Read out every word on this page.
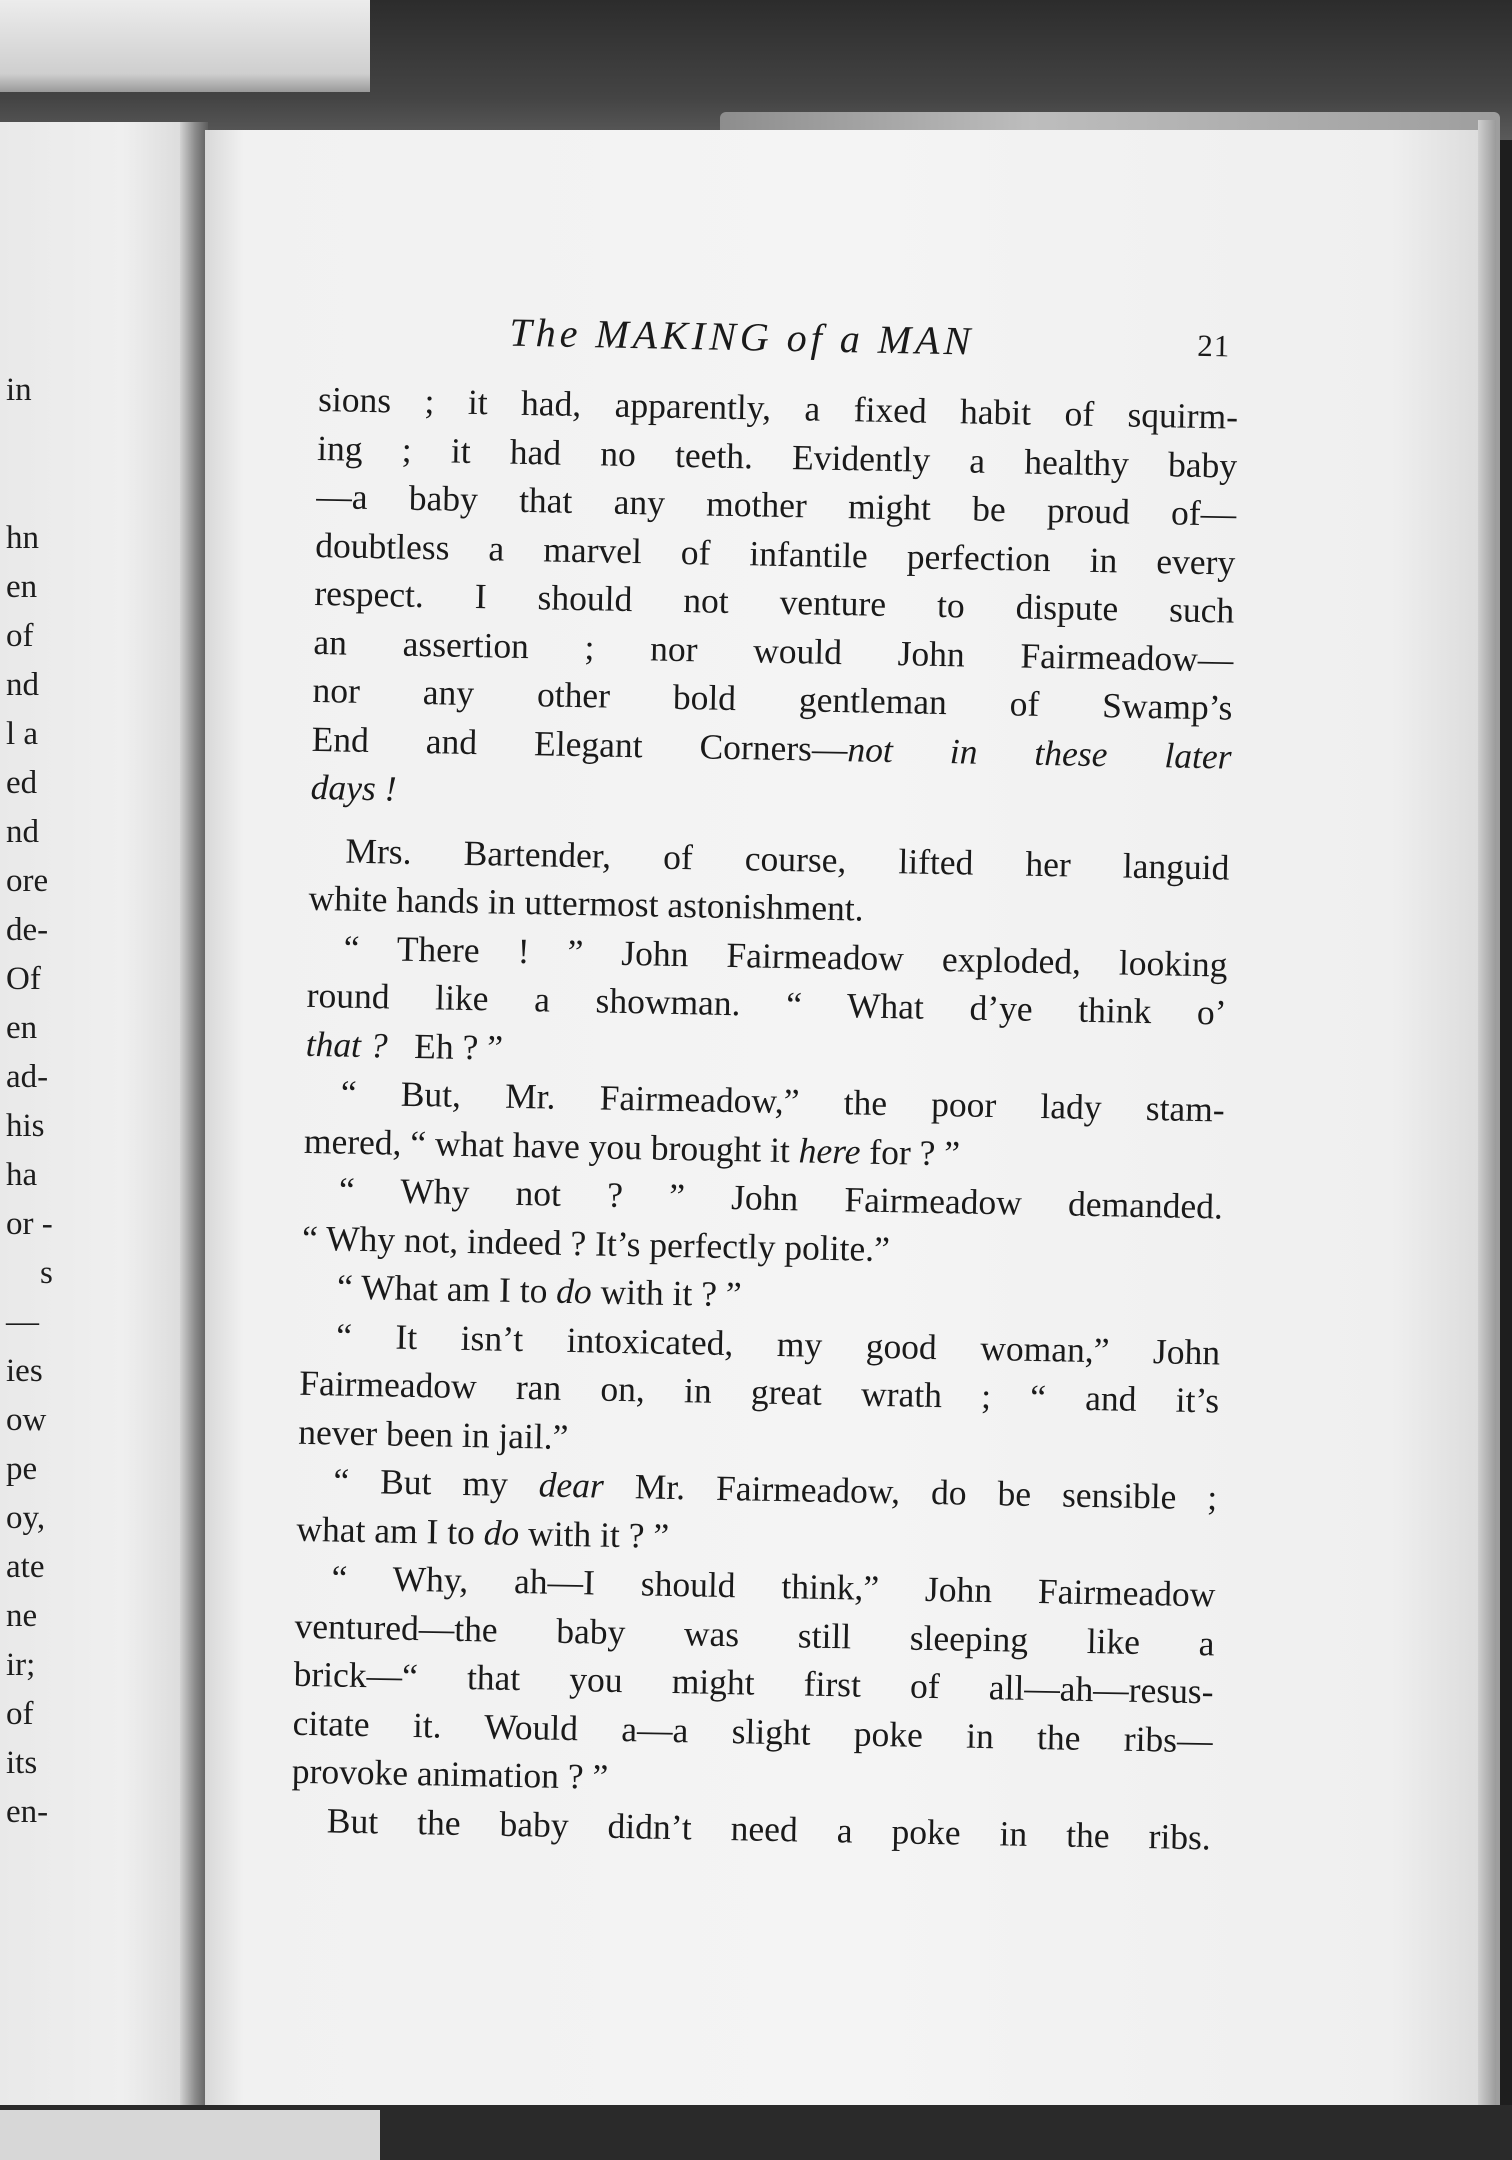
in

hn

en

of

nd

l a

ed

nd

ore

de-

Of

en

ad-

his

ha

or -

s

—

ies

ow

pe

oy,

ate

ne

ir;

of

its

en-

The MAKING of a MAN	21
sions ; it had, apparently, a fixed habit of squirm-
ing ; it had no teeth. Evidently a healthy baby
—a baby that any mother might be proud of—
doubtless a marvel of infantile perfection in every
respect. I should not venture to dispute such
an assertion ; nor would John Fairmeadow—
nor any other bold gentleman of Swamp’s
End and Elegant Corners—not in these later
days !
Mrs. Bartender, of course, lifted her languid
white hands in uttermost astonishment.
“ There ! ” John Fairmeadow exploded, looking
round like a showman. “ What d’ye think o’
that ? Eh ? ”
“ But, Mr. Fairmeadow,” the poor lady stam-
mered, “ what have you brought it here for ? ”
“ Why not ? ” John Fairmeadow demanded.
“ Why not, indeed ? It’s perfectly polite.”
“ What am I to do with it ? ”
“ It isn’t intoxicated, my good woman,” John
Fairmeadow ran on, in great wrath ; “ and it’s
never been in jail.”
“ But my dear Mr. Fairmeadow, do be sensible ;
what am I to do with it ? ”
“ Why, ah—I should think,” John Fairmeadow
ventured—the baby was still sleeping like a
brick—“ that you might first of all—ah—resus-
citate it. Would a—a slight poke in the ribs—
provoke animation ? ”
But the baby didn’t need a poke in the ribs.
